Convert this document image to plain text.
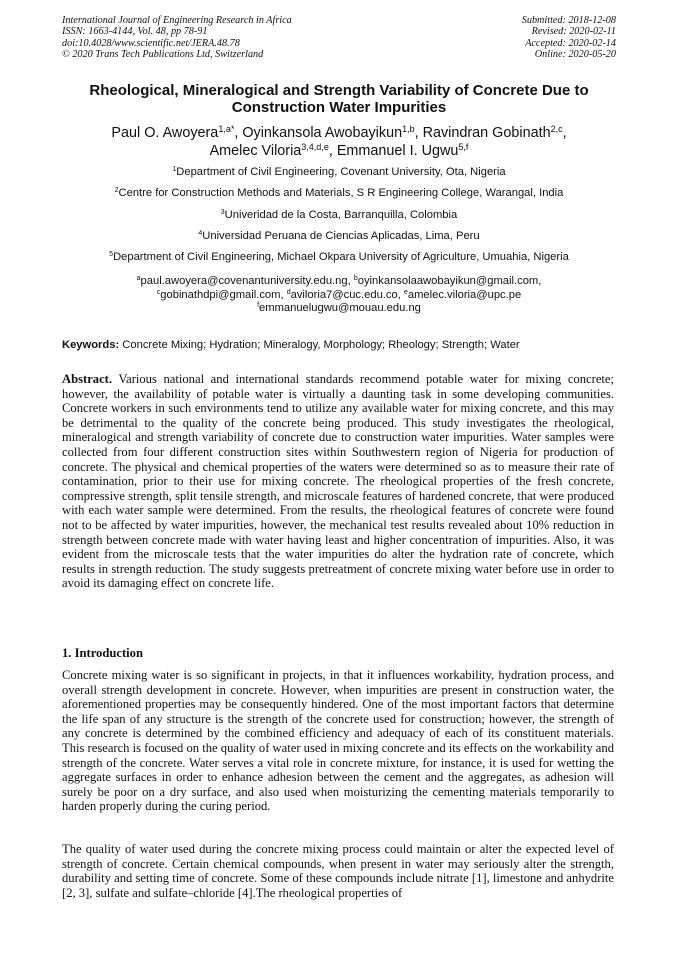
International Journal of Engineering Research in Africa
ISSN: 1663-4144, Vol. 48, pp 78-91
doi:10.4028/www.scientific.net/JERA.48.78
© 2020 Trans Tech Publications Ltd, Switzerland
Submitted: 2018-12-08
Revised: 2020-02-11
Accepted: 2020-02-14
Online: 2020-05-20
Rheological, Mineralogical and Strength Variability of Concrete Due to
Construction Water Impurities
Paul O. Awoyera$^{1,a*}$, Oyinkansola Awobayikun$^{1,b}$, Ravindran Gobinath$^{2,c}$,
Amelec Viloria$^{3,4,d,e}$, Emmanuel I. Ugwu$^{5,f}$
$^1$Department of Civil Engineering, Covenant University, Ota, Nigeria
$^2$Centre for Construction Methods and Materials, S R Engineering College, Warangal, India
$^3$Univeridad de la Costa, Barranquilla, Colombia
$^4$Universidad Peruana de Ciencias Aplicadas, Lima, Peru
$^5$Department of Civil Engineering, Michael Okpara University of Agriculture, Umuahia, Nigeria
$^a$paul.awoyera@covenantuniversity.edu.ng, $^b$oyinkansolaawobayikun@gmail.com,
$^c$gobinathdpi@gmail.com, $^d$aviloria7@cuc.edu.co, $^e$amelec.viloria@upc.pe
$^f$emmanuelugwu@mouau.edu.ng
Keywords: Concrete Mixing; Hydration; Mineralogy, Morphology; Rheology; Strength; Water

Abstract. Various national and international standards recommend potable water for mixing concrete; however, the availability of potable water is virtually a daunting task in some developing communities. Concrete workers in such environments tend to utilize any available water for mixing concrete, and this may be detrimental to the quality of the concrete being produced. This study investigates the rheological, mineralogical and strength variability of concrete due to construction water impurities. Water samples were collected from four different construction sites within Southwestern region of Nigeria for production of concrete. The physical and chemical properties of the waters were determined so as to measure their rate of contamination, prior to their use for mixing concrete. The rheological properties of the fresh concrete, compressive strength, split tensile strength, and microscale features of hardened concrete, that were produced with each water sample were determined. From the results, the rheological features of concrete were found not to be affected by water impurities, however, the mechanical test results revealed about 10% reduction in strength between concrete made with water having least and higher concentration of impurities. Also, it was evident from the microscale tests that the water impurities do alter the hydration rate of concrete, which results in strength reduction. The study suggests pretreatment of concrete mixing water before use in order to avoid its damaging effect on concrete life.

1. Introduction

Concrete mixing water is so significant in projects, in that it influences workability, hydration process, and overall strength development in concrete. However, when impurities are present in construction water, the aforementioned properties may be consequently hindered. One of the most important factors that determine the life span of any structure is the strength of the concrete used for construction; however, the strength of any concrete is determined by the combined efficiency and adequacy of each of its constituent materials. This research is focused on the quality of water used in mixing concrete and its effects on the workability and strength of the concrete. Water serves a vital role in concrete mixture, for instance, it is used for wetting the aggregate surfaces in order to enhance adhesion between the cement and the aggregates, as adhesion will surely be poor on a dry surface, and also used when moisturizing the cementing materials temporarily to harden properly during the curing period.

The quality of water used during the concrete mixing process could maintain or alter the expected level of strength of concrete. Certain chemical compounds, when present in water may seriously alter the strength, durability and setting time of concrete. Some of these compounds include nitrate [1], limestone and anhydrite [2, 3], sulfate and sulfate–chloride [4].The rheological properties of
